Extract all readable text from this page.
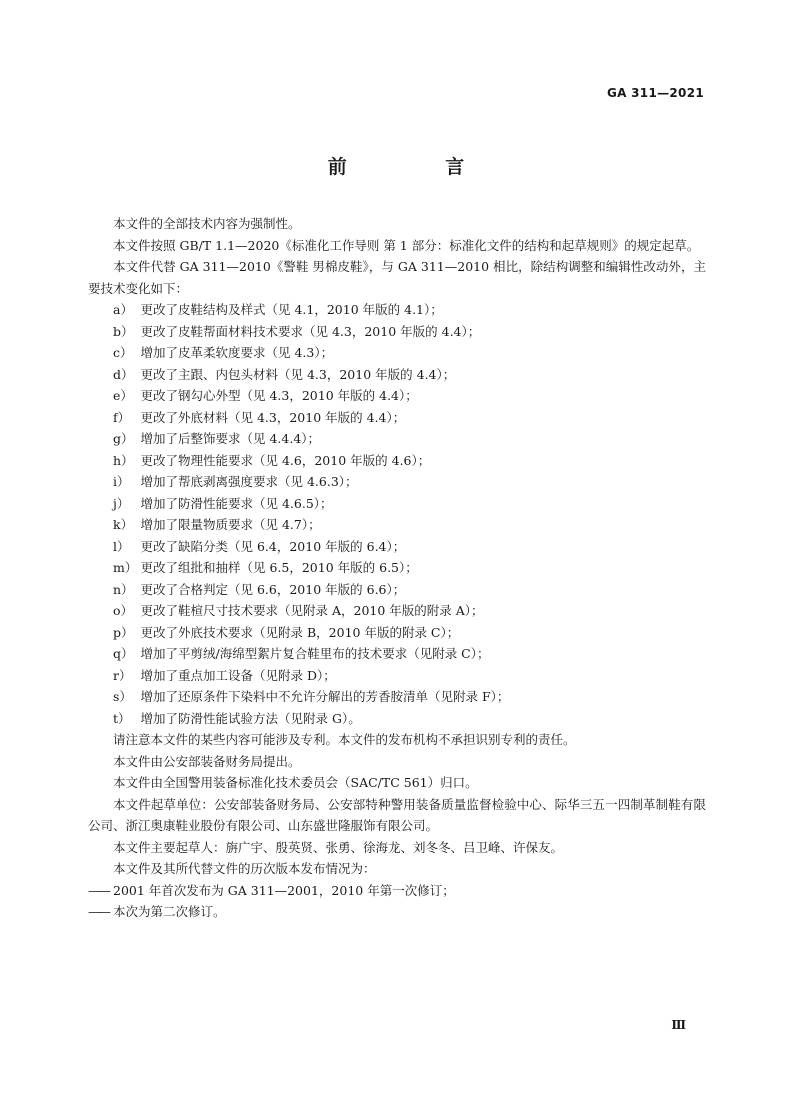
GA 311—2021
前 言

本文件的全部技术内容为强制性。

本文件按照 GB/T 1.1—2020《标准化工作导则 第 1 部分：标准化文件的结构和起草规则》的规定起草。

本文件代替 GA 311—2010《警鞋 男棉皮鞋》，与 GA 311—2010 相比，除结构调整和编辑性改动外，主要技术变化如下：

a） 更改了皮鞋结构及样式（见 4.1，2010 年版的 4.1）；
b） 更改了皮鞋帮面材料技术要求（见 4.3，2010 年版的 4.4）；
c） 增加了皮革柔软度要求（见 4.3）；
d） 更改了主跟、内包头材料（见 4.3，2010 年版的 4.4）；
e） 更改了钢勾心外型（见 4.3，2010 年版的 4.4）；
f） 更改了外底材料（见 4.3，2010 年版的 4.4）；
g） 增加了后整饰要求（见 4.4.4）；
h） 更改了物理性能要求（见 4.6，2010 年版的 4.6）；
i） 增加了帮底剥离强度要求（见 4.6.3）；
j） 增加了防滑性能要求（见 4.6.5）；
k） 增加了限量物质要求（见 4.7）；
l） 更改了缺陷分类（见 6.4，2010 年版的 6.4）；
m） 更改了组批和抽样（见 6.5，2010 年版的 6.5）；
n） 更改了合格判定（见 6.6，2010 年版的 6.6）；
o） 更改了鞋楦尺寸技术要求（见附录 A，2010 年版的附录 A）；
p） 更改了外底技术要求（见附录 B，2010 年版的附录 C）；
q） 增加了平剪绒/海绵型絮片复合鞋里布的技术要求（见附录 C）；
r） 增加了重点加工设备（见附录 D）；
s） 增加了还原条件下染料中不允许分解出的芳香胺清单（见附录 F）；
t） 增加了防滑性能试验方法（见附录 G）。

请注意本文件的某些内容可能涉及专利。本文件的发布机构不承担识别专利的责任。

本文件由公安部装备财务局提出。

本文件由全国警用装备标准化技术委员会（SAC/TC 561）归口。

本文件起草单位：公安部装备财务局、公安部特种警用装备质量监督检验中心、际华三五一四制革制鞋有限公司、浙江奥康鞋业股份有限公司、山东盛世隆服饰有限公司。

本文件主要起草人：旃广宇、殷英贤、张勇、徐海龙、刘冬冬、吕卫峰、许保友。

本文件及其所代替文件的历次版本发布情况为：

—— 2001 年首次发布为 GA 311—2001，2010 年第一次修订；

—— 本次为第二次修订。

Ⅲ
